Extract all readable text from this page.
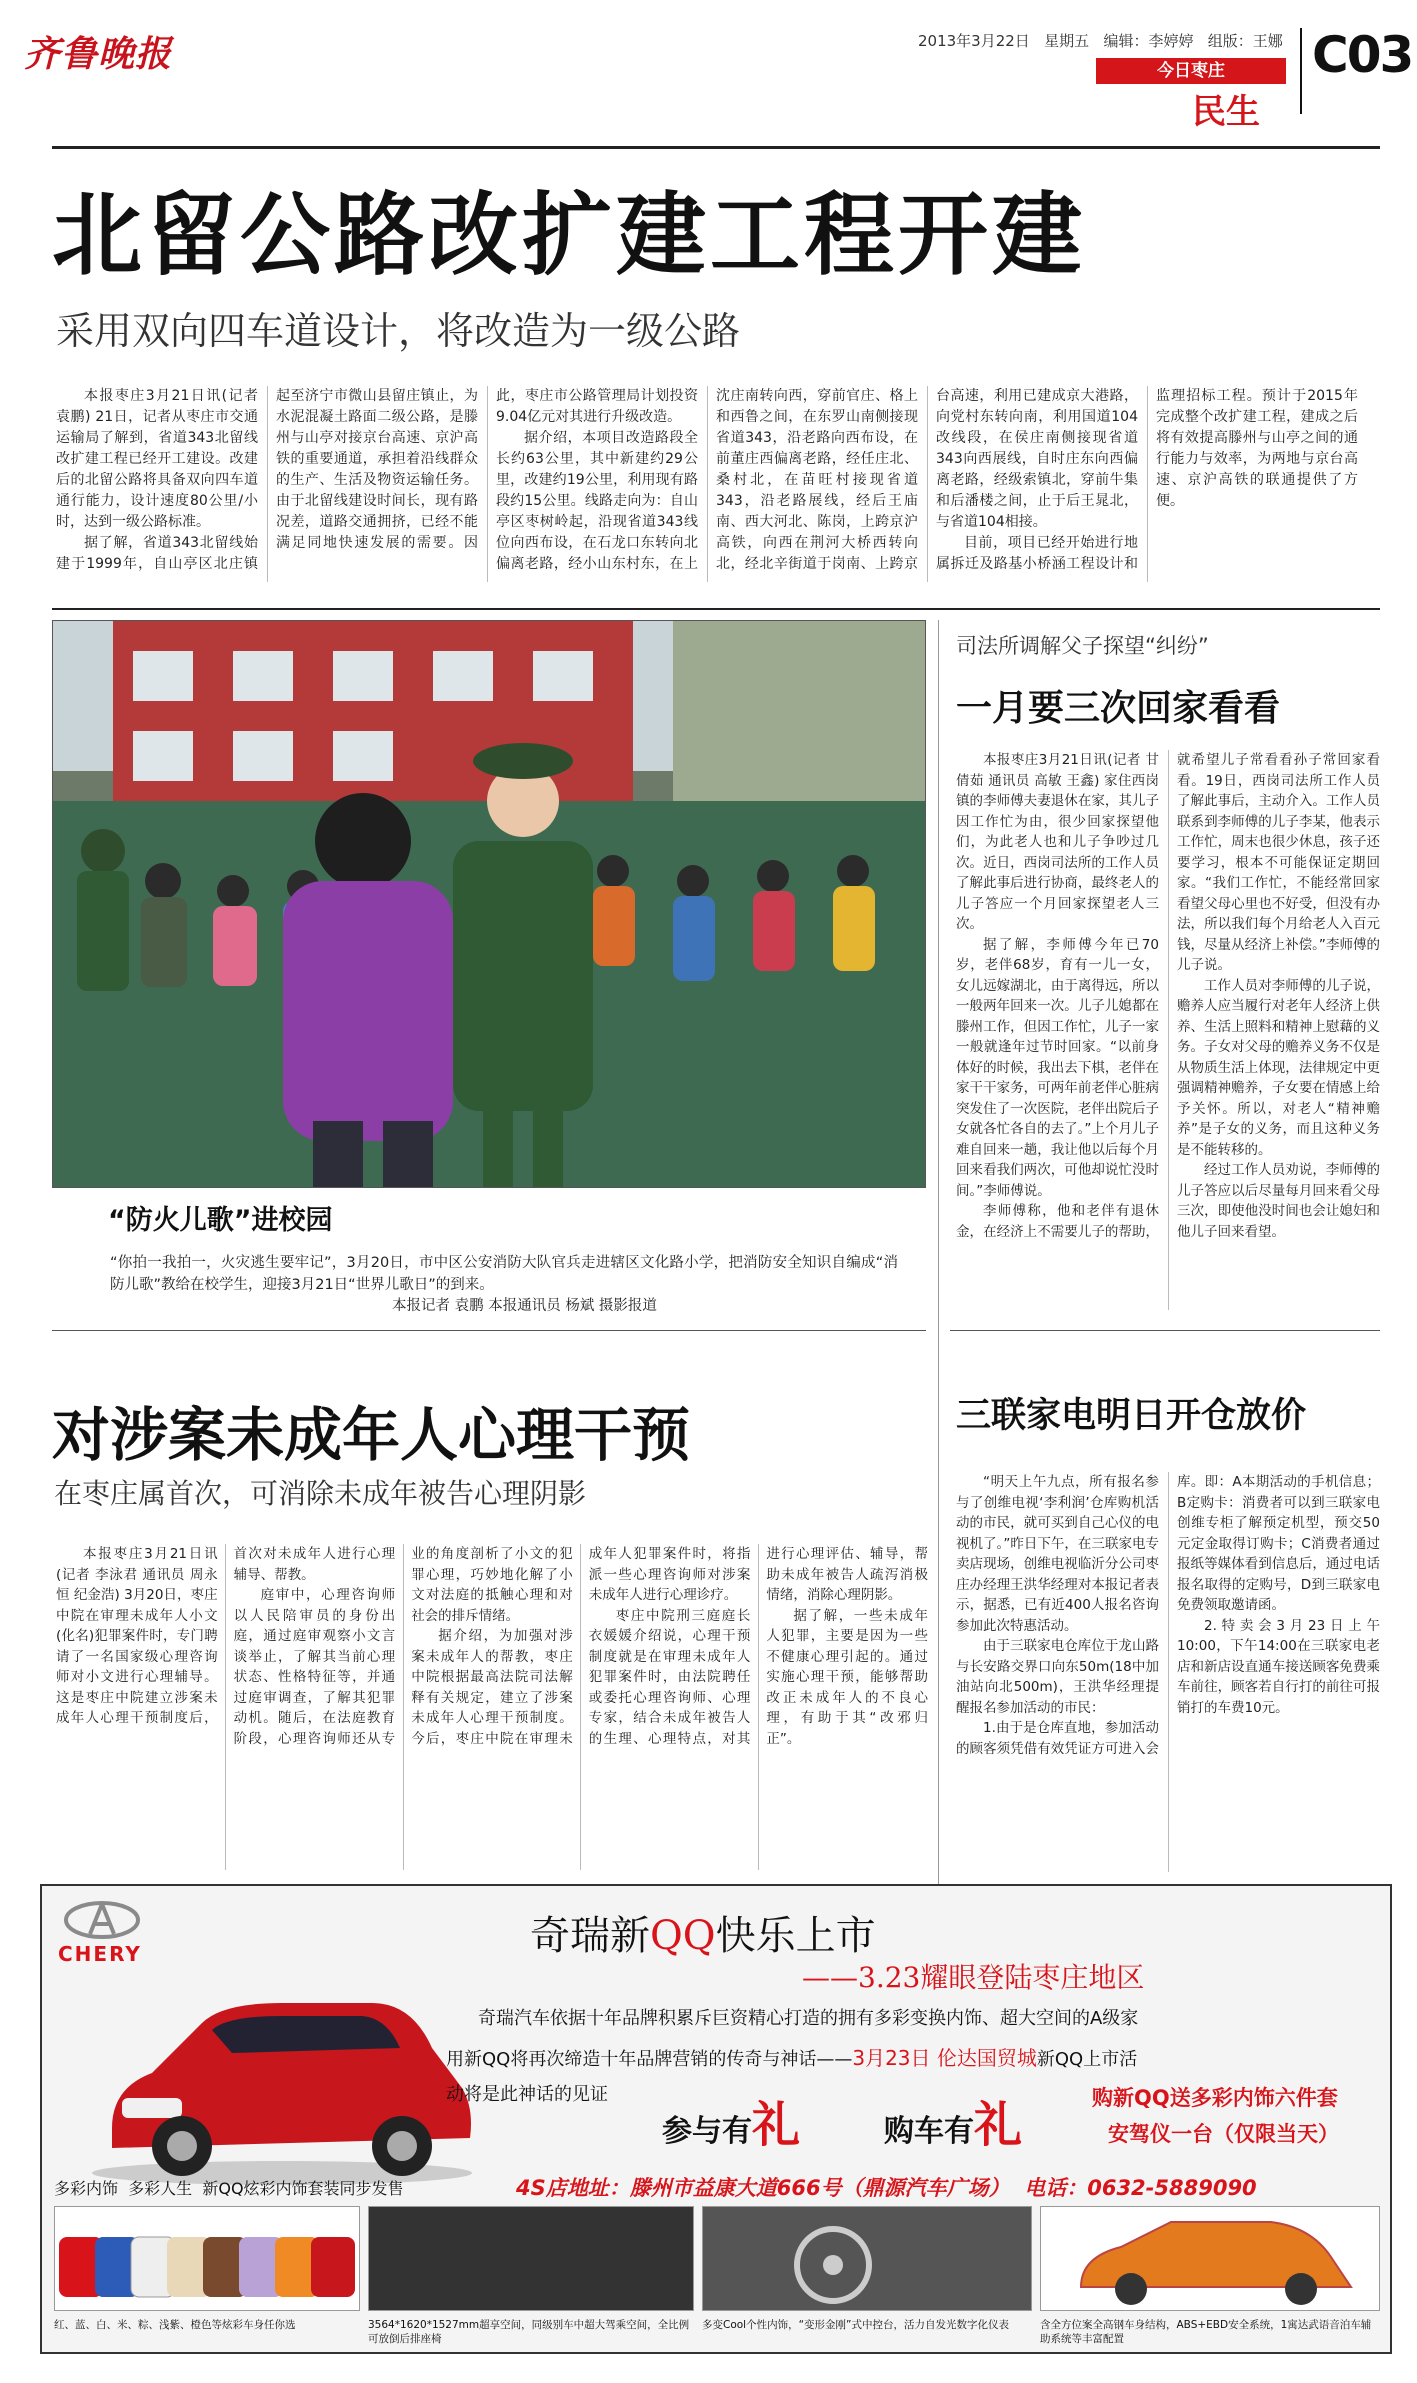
齐鲁晚报	2013年3月22日 星期五 编辑：李婷婷 组版：王娜
今日枣庄
民生
C03
北留公路改扩建工程开建
采用双向四车道设计，将改造为一级公路

本报枣庄3月21日讯(记者 袁鹏) 21日，记者从枣庄市交通运输局了解到，省道343北留线改扩建工程已经开工建设。改建后的北留公路将具备双向四车道通行能力，设计速度80公里/小时，达到一级公路标准。

据了解，省道343北留线始建于1999年，自山亭区北庄镇起至济宁市微山县留庄镇止，为水泥混凝土路面二级公路，是滕州与山亭对接京台高速、京沪高铁的重要通道，承担着沿线群众的生产、生活及物资运输任务。由于北留线建设时间长，现有路况差，道路交通拥挤，已经不能满足同地快速发展的需要。因此，枣庄市公路管理局计划投资9.04亿元对其进行升级改造。

据介绍，本项目改造路段全长约63公里，其中新建约29公里，改建约19公里，利用现有路段约15公里。线路走向为：自山亭区枣树岭起，沿现省道343线位向西布设，在石龙口东转向北偏离老路，经小山东村东，在上沈庄南转向西，穿前官庄、格上和西鲁之间，在东罗山南侧接现省道343，沿老路向西布设，在前董庄西偏离老路，经任庄北、桑村北，在苗旺村接现省道343，沿老路展线，经后王庙南、西大河北、陈岗，上跨京沪高铁，向西在荆河大桥西转向北，经北辛街道于岗南、上跨京台高速，利用已建成京大港路，向党村东转向南，利用国道104改线段，在侯庄南侧接现省道343向西展线，自时庄东向西偏离老路，经级索镇北，穿前牛集和后潘楼之间，止于后王晁北，与省道104相接。

目前，项目已经开始进行地属拆迁及路基小桥涵工程设计和监理招标工程。预计于2015年完成整个改扩建工程，建成之后将有效提高滕州与山亭之间的通行能力与效率，为两地与京台高速、京沪高铁的联通提供了方便。

“防火儿歌”进校园
“你拍一我拍一，火灾逃生要牢记”，3月20日，市中区公安消防大队官兵走进辖区文化路小学，把消防安全知识自编成“消防儿歌”教给在校学生，迎接3月21日“世界儿歌日”的到来。
本报记者 袁鹏 本报通讯员 杨斌 摄影报道
司法所调解父子探望“纠纷”
一月要三次回家看看

本报枣庄3月21日讯(记者 甘倩茹 通讯员 高敏 王鑫) 家住西岗镇的李师傅夫妻退休在家，其儿子因工作忙为由，很少回家探望他们，为此老人也和儿子争吵过几次。近日，西岗司法所的工作人员了解此事后进行协商，最终老人的儿子答应一个月回家探望老人三次。

据了解，李师傅今年已70岁，老伴68岁，育有一儿一女，女儿远嫁湖北，由于离得远，所以一般两年回来一次。儿子儿媳都在滕州工作，但因工作忙，儿子一家一般就逢年过节时回家。“以前身体好的时候，我出去下棋，老伴在家干干家务，可两年前老伴心脏病突发住了一次医院，老伴出院后子女就各忙各自的去了。”上个月儿子难自回来一趟，我让他以后每个月回来看我们两次，可他却说忙没时间。”李师傅说。

李师傅称，他和老伴有退休金，在经济上不需要儿子的帮助，就希望儿子常看看孙子常回家看看。19日，西岗司法所工作人员了解此事后，主动介入。工作人员联系到李师傅的儿子李某，他表示工作忙，周末也很少休息，孩子还要学习，根本不可能保证定期回家。“我们工作忙，不能经常回家看望父母心里也不好受，但没有办法，所以我们每个月给老人入百元钱，尽量从经济上补偿。”李师傅的儿子说。

工作人员对李师傅的儿子说，赡养人应当履行对老年人经济上供养、生活上照料和精神上慰藉的义务。子女对父母的赡养义务不仅是从物质生活上体现，法律规定中更强调精神赡养，子女要在情感上给予关怀。所以，对老人“精神赡养”是子女的义务，而且这种义务是不能转移的。

经过工作人员劝说，李师傅的儿子答应以后尽量每月回来看父母三次，即使他没时间也会让媳妇和他儿子回来看望。

三联家电明日开仓放价

“明天上午九点，所有报名参与了创维电视‘李利润’仓库购机活动的市民，就可买到自己心仪的电视机了。”昨日下午，在三联家电专卖店现场，创维电视临沂分公司枣庄办经理王洪华经理对本报记者表示，据悉，已有近400人报名咨询参加此次特惠活动。

由于三联家电仓库位于龙山路与长安路交界口向东50m(18中加油站向北500m)，王洪华经理提醒报名参加活动的市民：

1.由于是仓库直地，参加活动的顾客须凭借有效凭证方可进入会库。即：A本期活动的手机信息；B定购卡：消费者可以到三联家电创维专柜了解预定机型，预交50元定金取得订购卡；C消费者通过报纸等媒体看到信息后，通过电话报名取得的定购号，D到三联家电免费领取邀请函。

2.特卖会3月23日上午10:00，下午14:00在三联家电老店和新店设直通车接送顾客免费乘车前往，顾客若自行打的前往可报销打的车费10元。

对涉案未成年人心理干预
在枣庄属首次，可消除未成年被告心理阴影

本报枣庄3月21日讯(记者 李泳君 通讯员 周永恒 纪金浩) 3月20日，枣庄中院在审理未成年人小文(化名)犯罪案件时，专门聘请了一名国家级心理咨询师对小文进行心理辅导。这是枣庄中院建立涉案未成年人心理干预制度后，首次对未成年人进行心理辅导、帮教。

庭审中，心理咨询师以人民陪审员的身份出庭，通过庭审观察小文言谈举止，了解其当前心理状态、性格特征等，并通过庭审调查，了解其犯罪动机。随后，在法庭教育阶段，心理咨询师还从专业的角度剖析了小文的犯罪心理，巧妙地化解了小文对法庭的抵触心理和对社会的排斥情绪。

据介绍，为加强对涉案未成年人的帮教，枣庄中院根据最高法院司法解释有关规定，建立了涉案未成年人心理干预制度。今后，枣庄中院在审理未成年人犯罪案件时，将指派一些心理咨询师对涉案未成年人进行心理诊疗。

枣庄中院刑三庭庭长衣媛媛介绍说，心理干预制度就是在审理未成年人犯罪案件时，由法院聘任或委托心理咨询师、心理专家，结合未成年被告人的生理、心理特点，对其进行心理评估、辅导，帮助未成年被告人疏泻消极情绪，消除心理阴影。

据了解，一些未成年人犯罪，主要是因为一些不健康心理引起的。通过实施心理干预，能够帮助改正未成年人的不良心理，有助于其“改邪归正”。

CHERY	奇瑞新QQ快乐上市
——3.23耀眼登陆枣庄地区
奇瑞汽车依据十年品牌积累斥巨资精心打造的拥有多彩变换内饰、超大空间的A级家
用新QQ将再次缔造十年品牌营销的传奇与神话——3月23日 伦达国贸城新QQ上市活
动将是此神话的见证
参与有礼	购车有礼	购新QQ送多彩内饰六件套
安驾仪一台（仅限当天）
多彩内饰  多彩人生  新QQ炫彩内饰套装同步发售	4S店地址：滕州市益康大道666号（鼎源汽车广场） 电话：0632-5889090
红、蓝、白、米、粽、浅紫、橙色等炫彩车身任你选	3564*1620*1527mm超享空间，同级别车中超大驾乘空间，全比例可放倒后排座椅
多变Cool个性内饰，“变形金刚”式中控台，活力自发光数字化仪表	含全方位案全高钢车身结构，ABS+EBD安全系统，1寓达武语音泊车辅助系统等丰富配置
